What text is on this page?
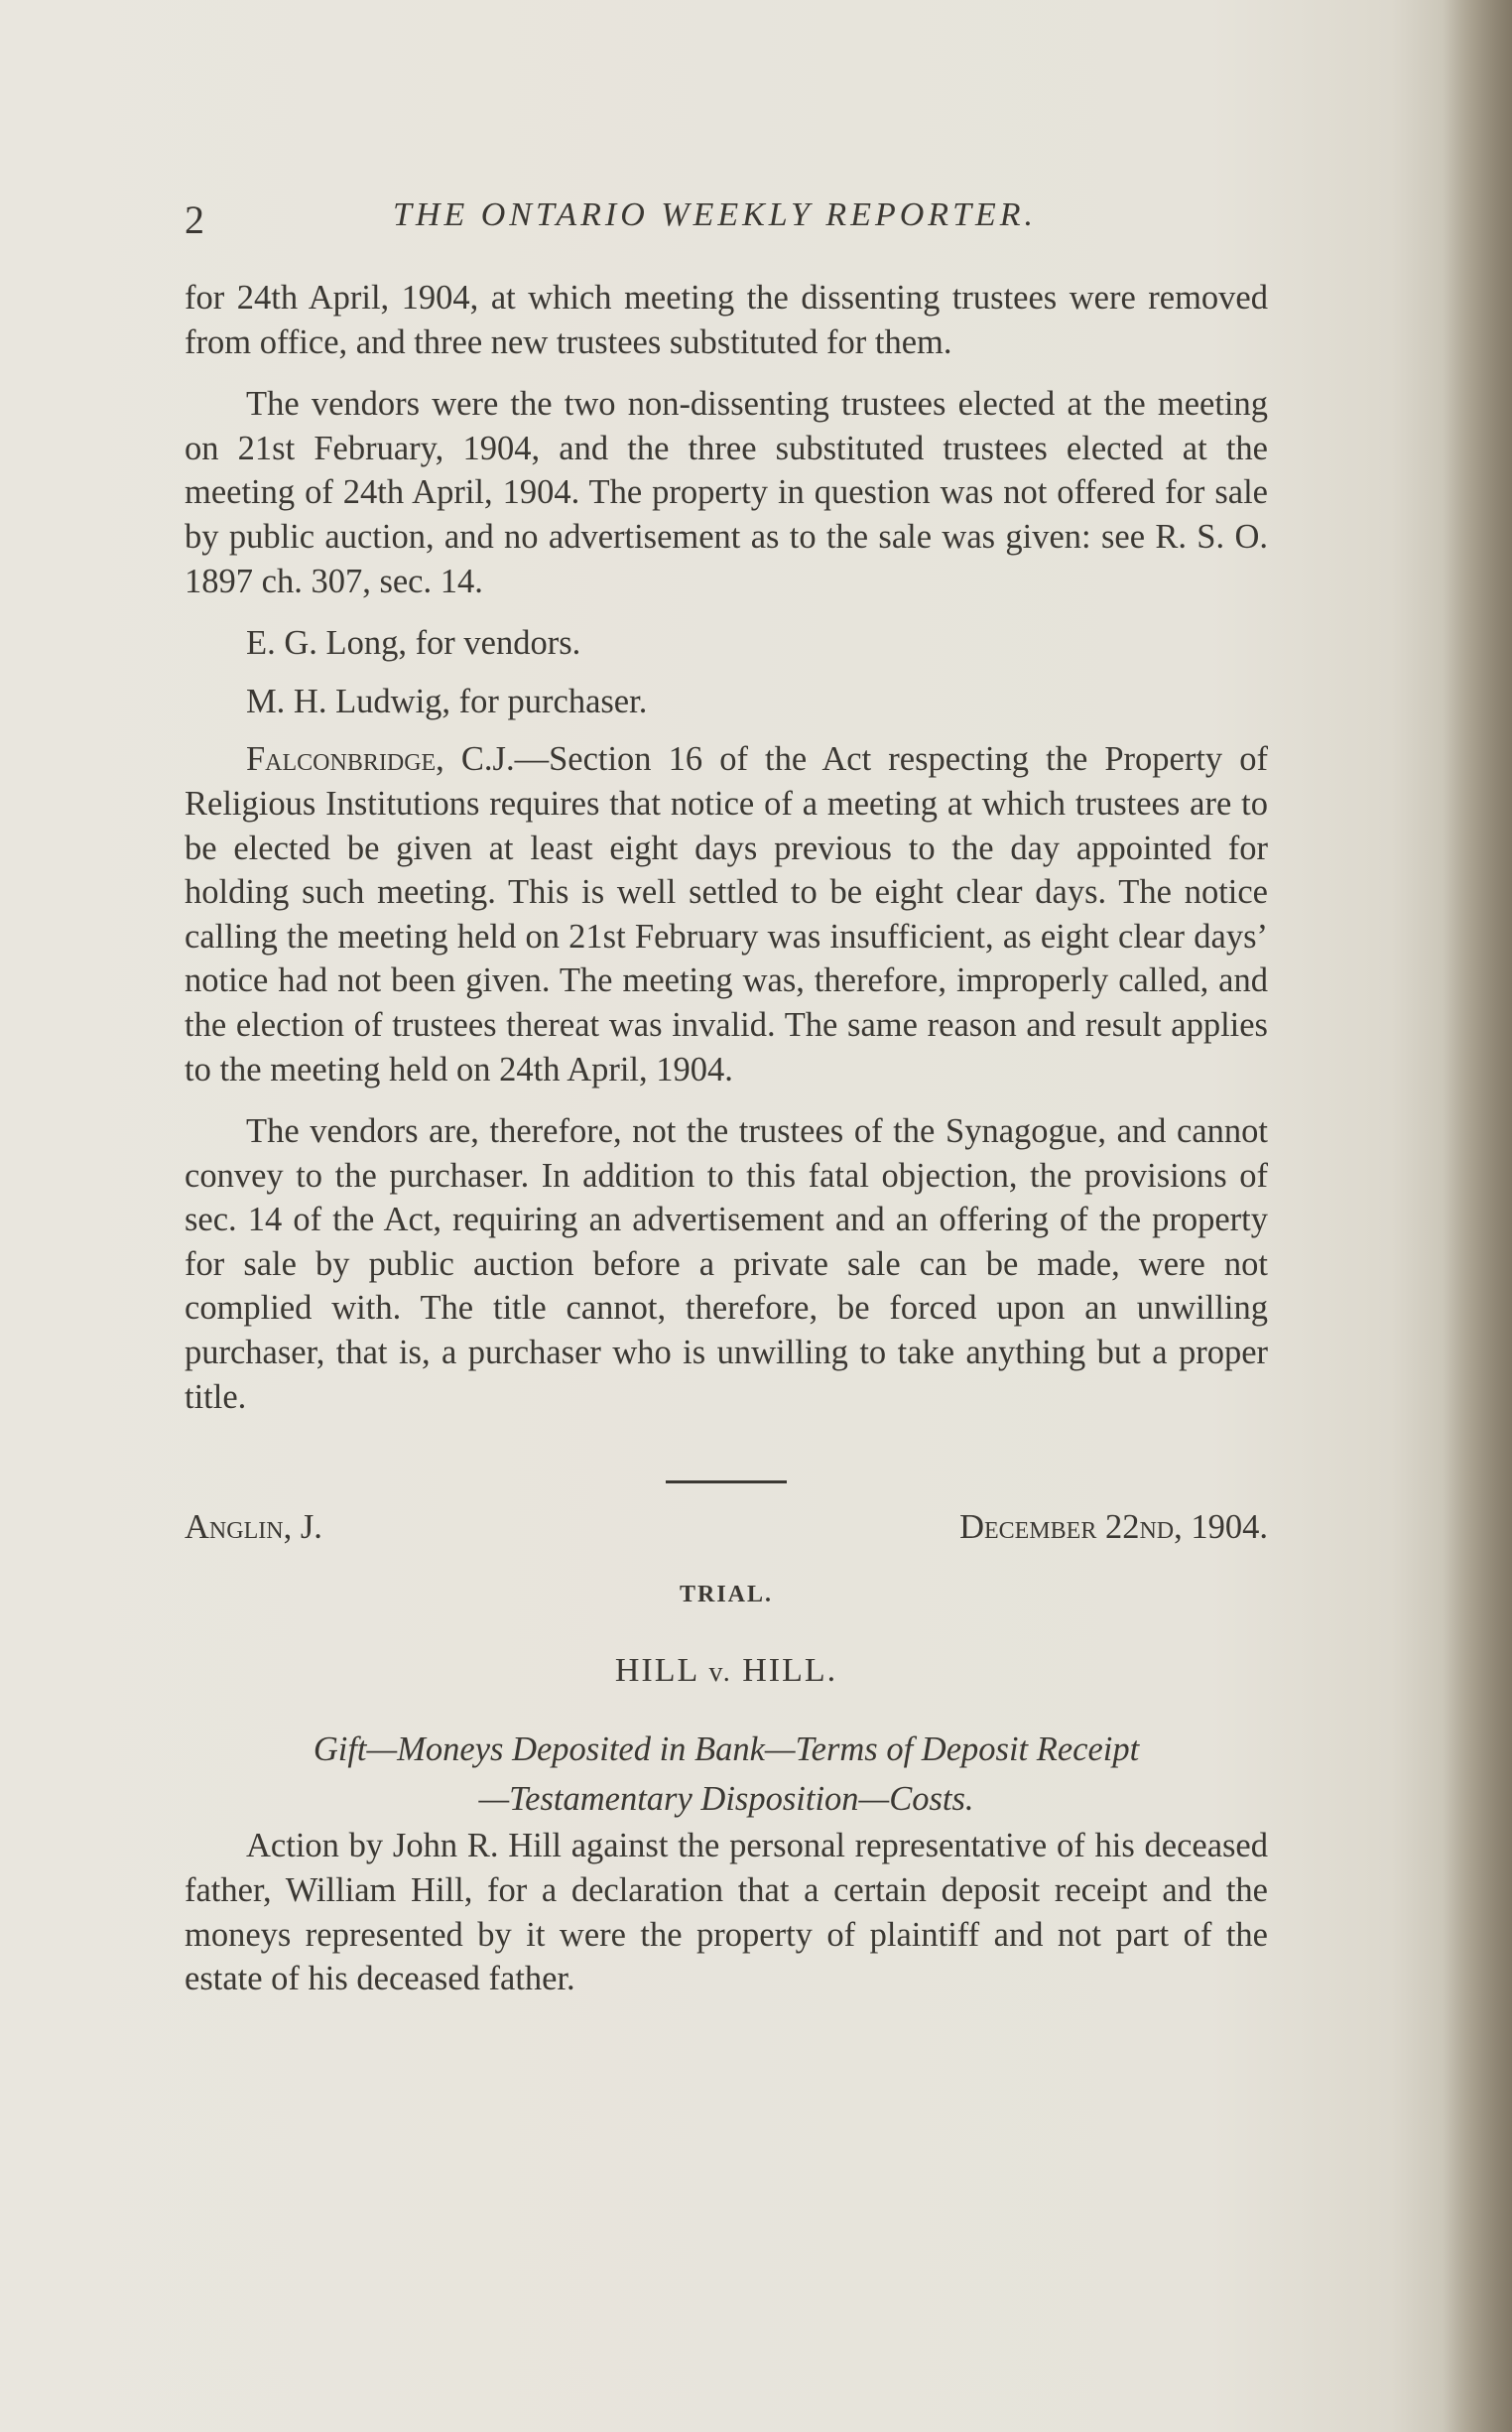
2	THE ONTARIO WEEKLY REPORTER.

for 24th April, 1904, at which meeting the dissenting trustees were removed from office, and three new trustees substituted for them.

The vendors were the two non-dissenting trustees elected at the meeting on 21st February, 1904, and the three substituted trustees elected at the meeting of 24th April, 1904. The property in question was not offered for sale by public auction, and no advertisement as to the sale was given: see R. S. O. 1897 ch. 307, sec. 14.

E. G. Long, for vendors.

M. H. Ludwig, for purchaser.

Falconbridge, C.J.—Section 16 of the Act respecting the Property of Religious Institutions requires that notice of a meeting at which trustees are to be elected be given at least eight days previous to the day appointed for holding such meeting. This is well settled to be eight clear days. The notice calling the meeting held on 21st February was insufficient, as eight clear days’ notice had not been given. The meeting was, therefore, improperly called, and the election of trustees thereat was invalid. The same reason and result applies to the meeting held on 24th April, 1904.

The vendors are, therefore, not the trustees of the Synagogue, and cannot convey to the purchaser. In addition to this fatal objection, the provisions of sec. 14 of the Act, requiring an advertisement and an offering of the property for sale by public auction before a private sale can be made, were not complied with. The title cannot, therefore, be forced upon an unwilling purchaser, that is, a purchaser who is unwilling to take anything but a proper title.

Anglin, J.	December 22nd, 1904.
TRIAL.
HILL v. HILL.
Gift—Moneys Deposited in Bank—Terms of Deposit Receipt
—Testamentary Disposition—Costs.

Action by John R. Hill against the personal representative of his deceased father, William Hill, for a declaration that a certain deposit receipt and the moneys represented by it were the property of plaintiff and not part of the estate of his deceased father.
